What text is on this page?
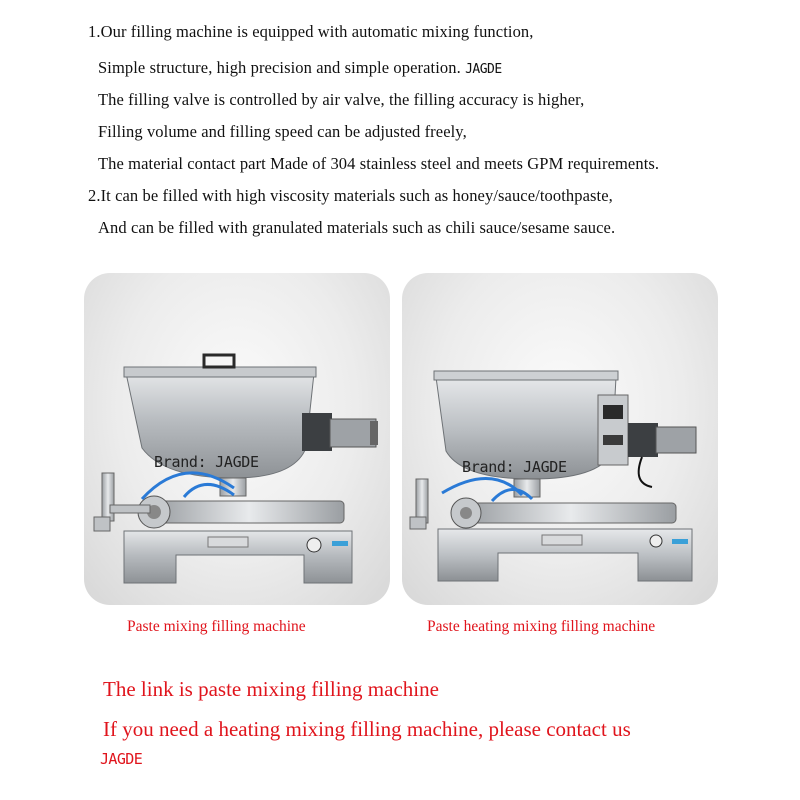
1.Our filling machine is equipped with automatic mixing function,
Simple structure, high precision and simple operation. JAGDE
The filling valve is controlled by air valve, the filling accuracy is higher,
Filling volume and filling speed can be adjusted freely,
The material contact part Made of 304 stainless steel and meets GPM requirements.
2.It can be filled with high viscosity materials such as honey/sauce/toothpaste,
And can be filled with granulated materials such as chili sauce/sesame sauce.
Brand: JAGDE	Brand: JAGDE
Paste mixing filling machine	Paste heating mixing filling machine
The link is paste mixing filling machine
If you need a heating mixing filling machine, please contact us
JAGDE
